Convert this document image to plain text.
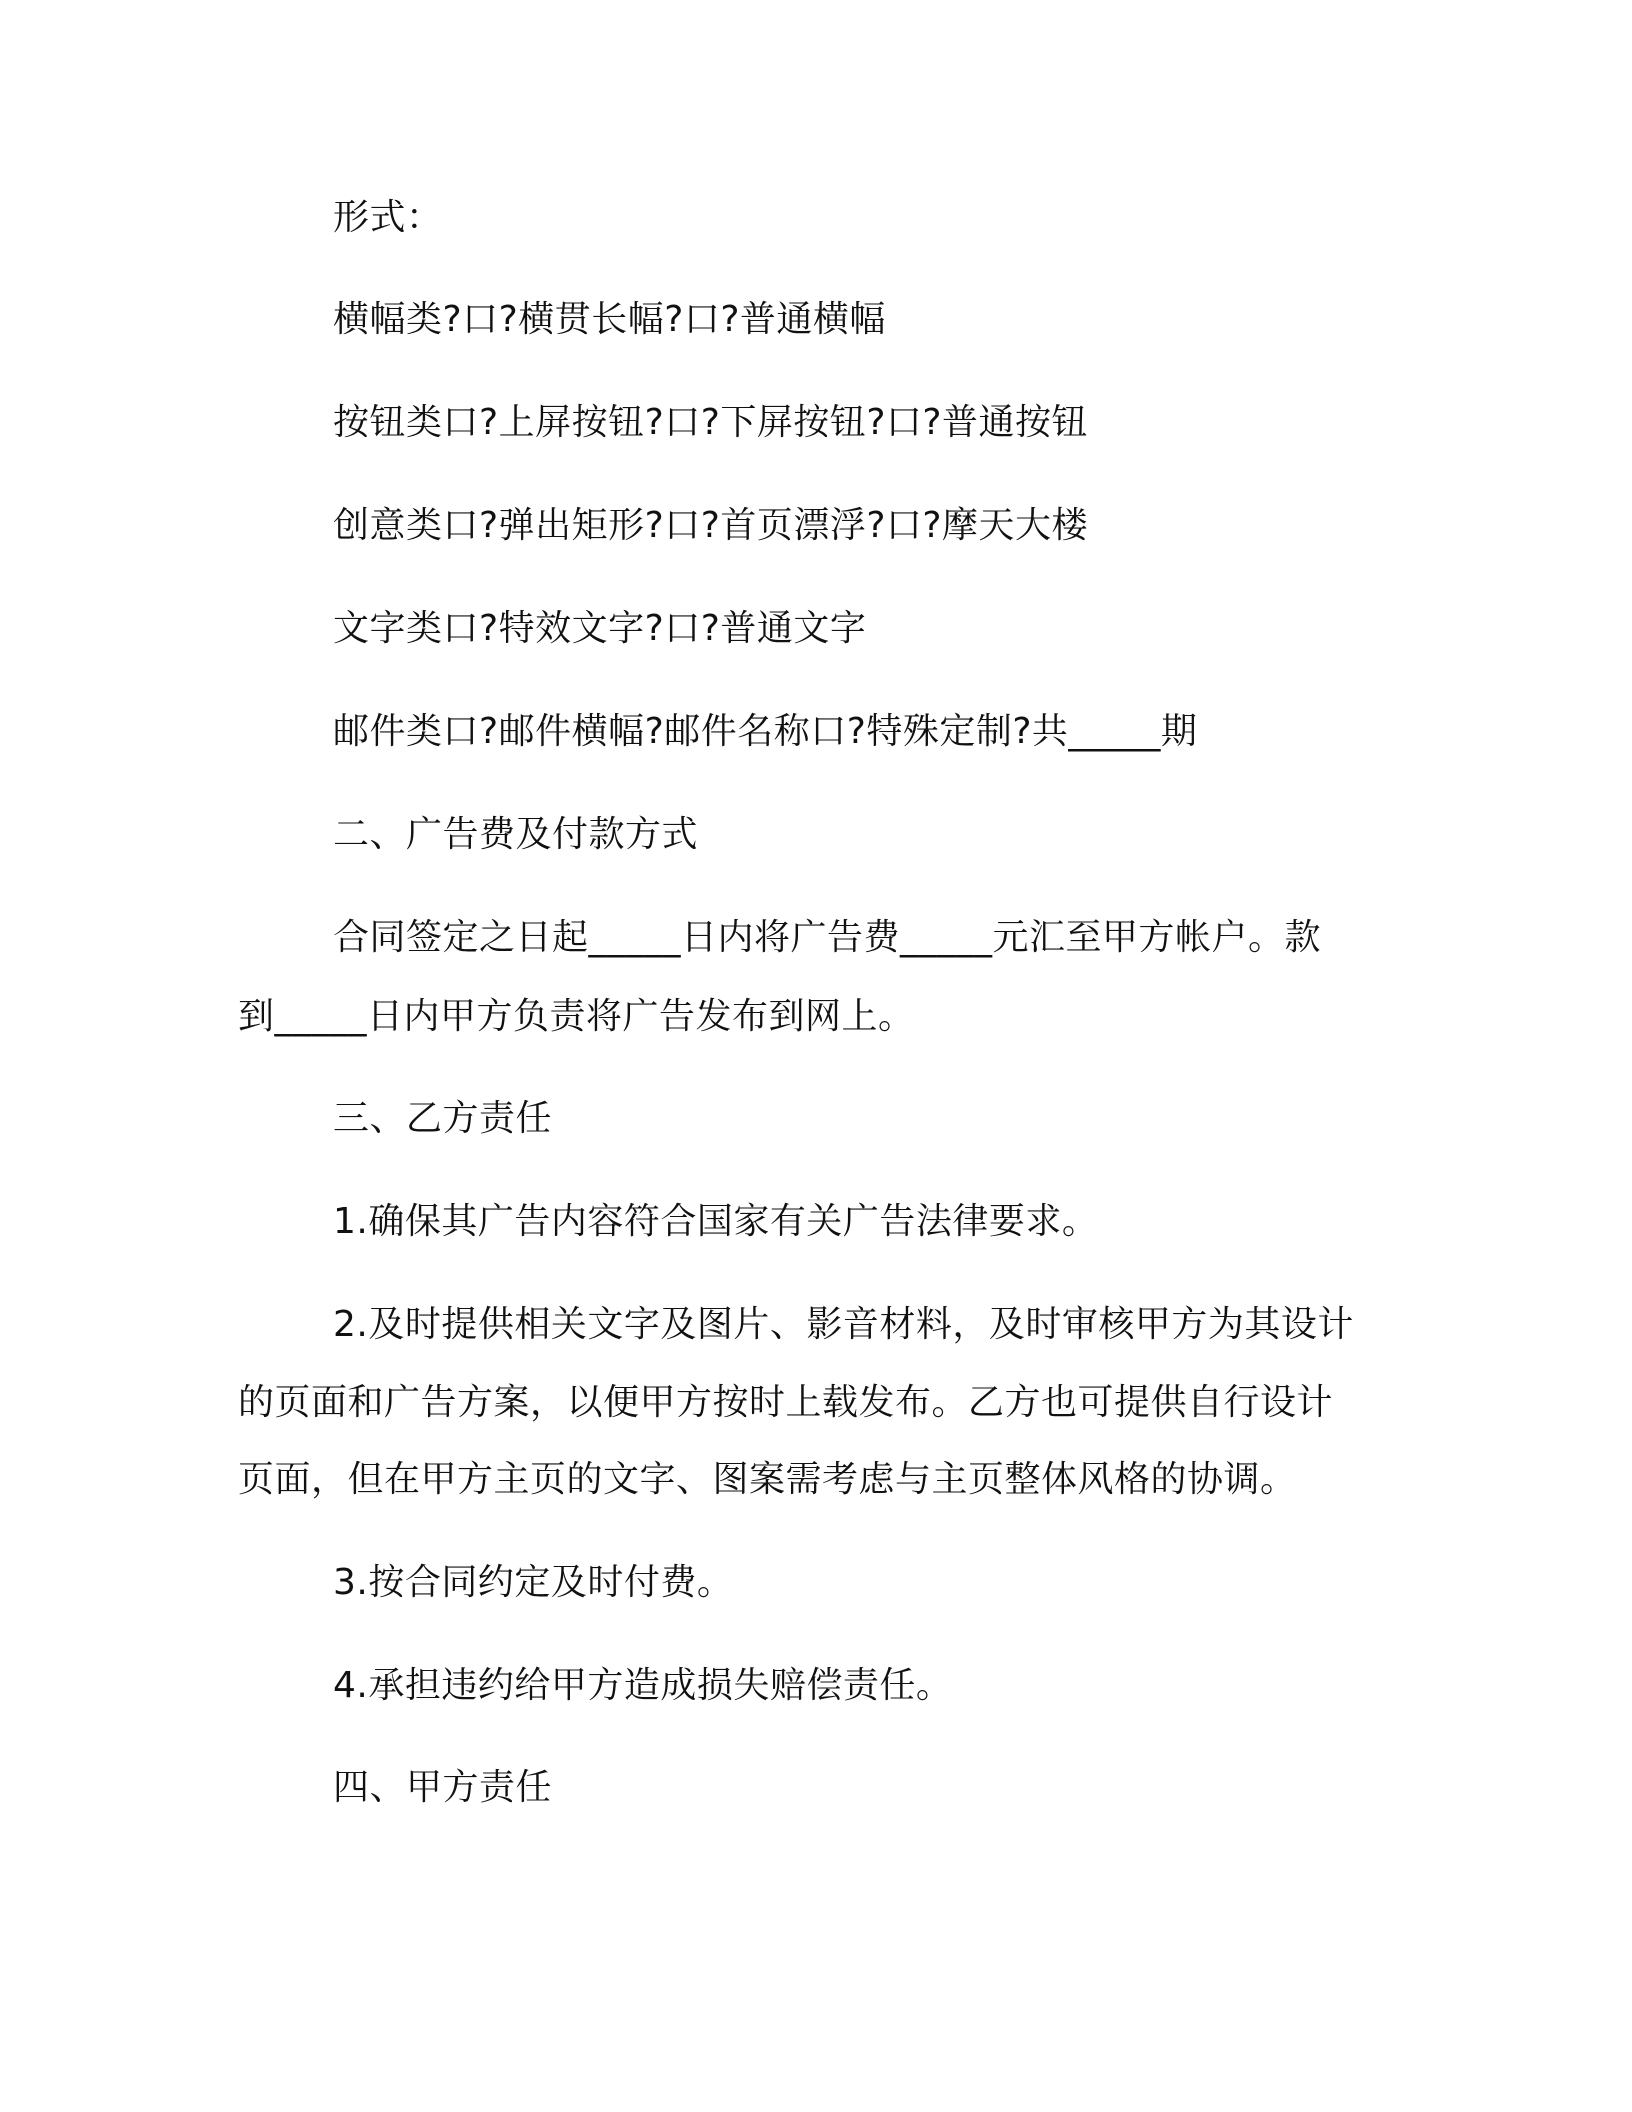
形式：
横幅类?口?横贯长幅?口?普通横幅
按钮类口?上屏按钮?口?下屏按钮?口?普通按钮
创意类口?弹出矩形?口?首页漂浮?口?摩天大楼
文字类口?特效文字?口?普通文字
邮件类口?邮件横幅?邮件名称口?特殊定制?共_____期
二、广告费及付款方式
合同签定之日起_____日内将广告费_____元汇至甲方帐户。款
到_____日内甲方负责将广告发布到网上。
三、乙方责任
1.确保其广告内容符合国家有关广告法律要求。
2.及时提供相关文字及图片、影音材料，及时审核甲方为其设计
的页面和广告方案，以便甲方按时上载发布。乙方也可提供自行设计
页面，但在甲方主页的文字、图案需考虑与主页整体风格的协调。
3.按合同约定及时付费。
4.承担违约给甲方造成损失赔偿责任。
四、甲方责任
